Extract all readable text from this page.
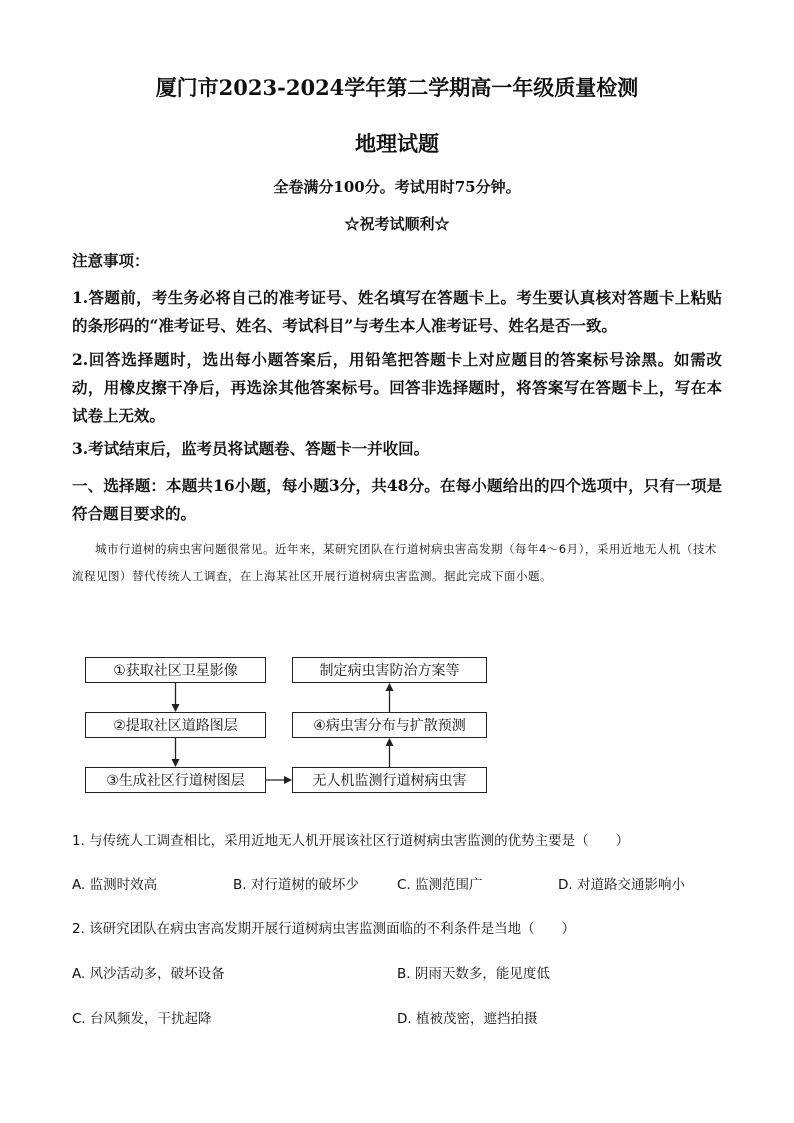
厦门市2023-2024学年第二学期高一年级质量检测
地理试题
全卷满分100分。考试用时75分钟。
☆祝考试顺利☆
注意事项：
1.答题前，考生务必将自己的准考证号、姓名填写在答题卡上。考生要认真核对答题卡上粘贴的条形码的“准考证号、姓名、考试科目”与考生本人准考证号、姓名是否一致。
2.回答选择题时，选出每小题答案后，用铅笔把答题卡上对应题目的答案标号涂黑。如需改动，用橡皮擦干净后，再选涂其他答案标号。回答非选择题时，将答案写在答题卡上，写在本试卷上无效。
3.考试结束后，监考员将试题卷、答题卡一并收回。
一、选择题：本题共16小题，每小题3分，共48分。在每小题给出的四个选项中，只有一项是符合题目要求的。
城市行道树的病虫害问题很常见。近年来，某研究团队在行道树病虫害高发期（每年4～6月），采用近地无人机（技术流程见图）替代传统人工调查，在上海某社区开展行道树病虫害监测。据此完成下面小题。
①获取社区卫星影像
②提取社区道路图层
③生成社区行道树图层	无人机监测行道树病虫害
④病虫害分布与扩散预测
制定病虫害防治方案等
1. 与传统人工调查相比，采用近地无人机开展该社区行道树病虫害监测的优势主要是（　　）
A. 监测时效高	B. 对行道树的破坏少	C. 监测范围广	D. 对道路交通影响小
2. 该研究团队在病虫害高发期开展行道树病虫害监测面临的不利条件是当地（　　）
A. 风沙活动多，破坏设备	B. 阴雨天数多，能见度低
C. 台风频发，干扰起降	D. 植被茂密，遮挡拍摄
